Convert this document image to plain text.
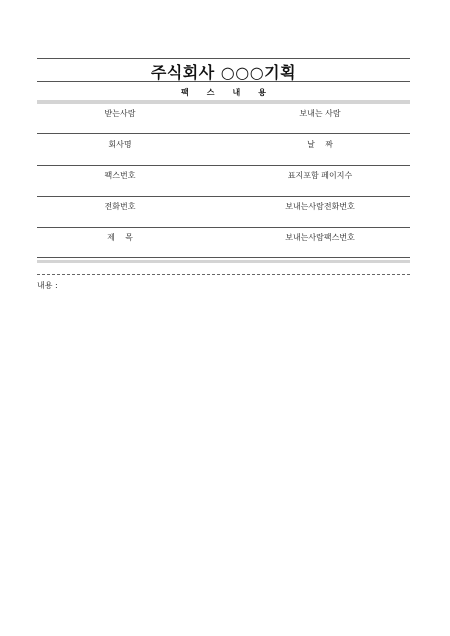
주식회사 ○○○기획
팩스내용
받는사람	보내는 사람
회사명	날    짜
팩스번호	표지포함 페이지수
전화번호	보내는사람전화번호
제    목	보내는사람팩스번호
내용 :
